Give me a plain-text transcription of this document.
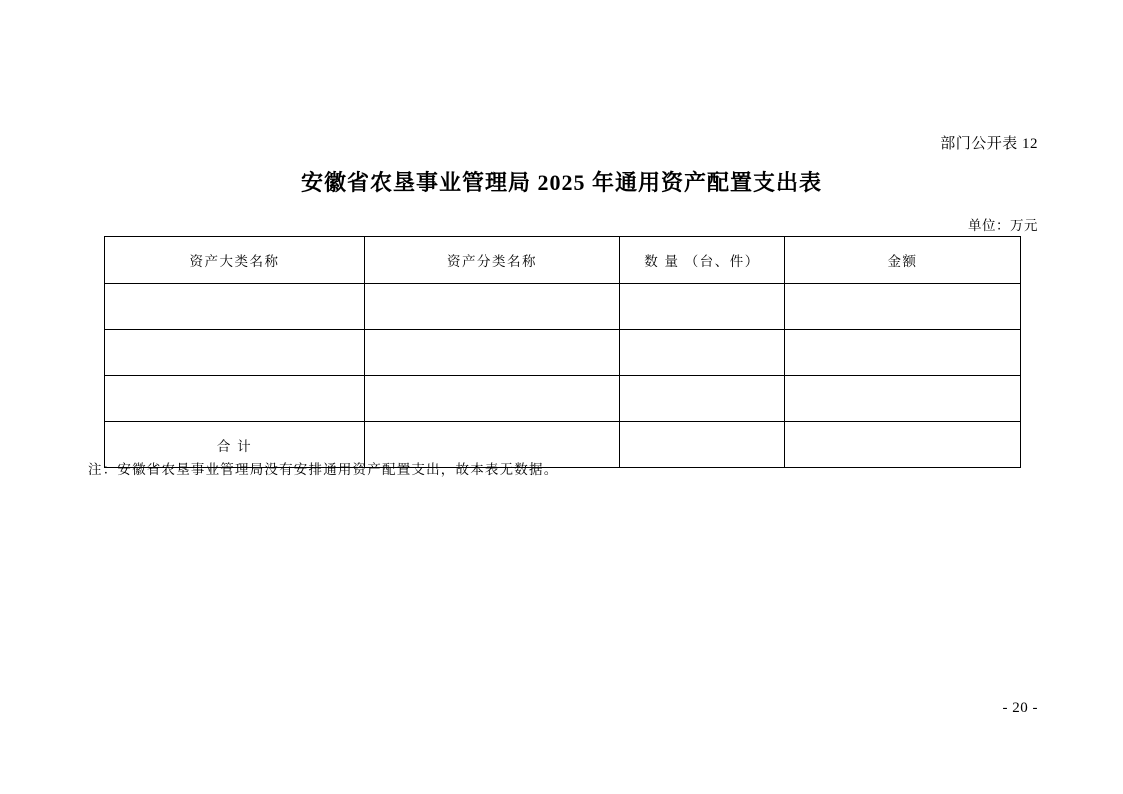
部门公开表 12
安徽省农垦事业管理局 2025 年通用资产配置支出表
单位：万元
资产大类名称	资产分类名称	数 量 （台、件）	金额

合 计			
注：安徽省农垦事业管理局没有安排通用资产配置支出，故本表无数据。
- 20 -
